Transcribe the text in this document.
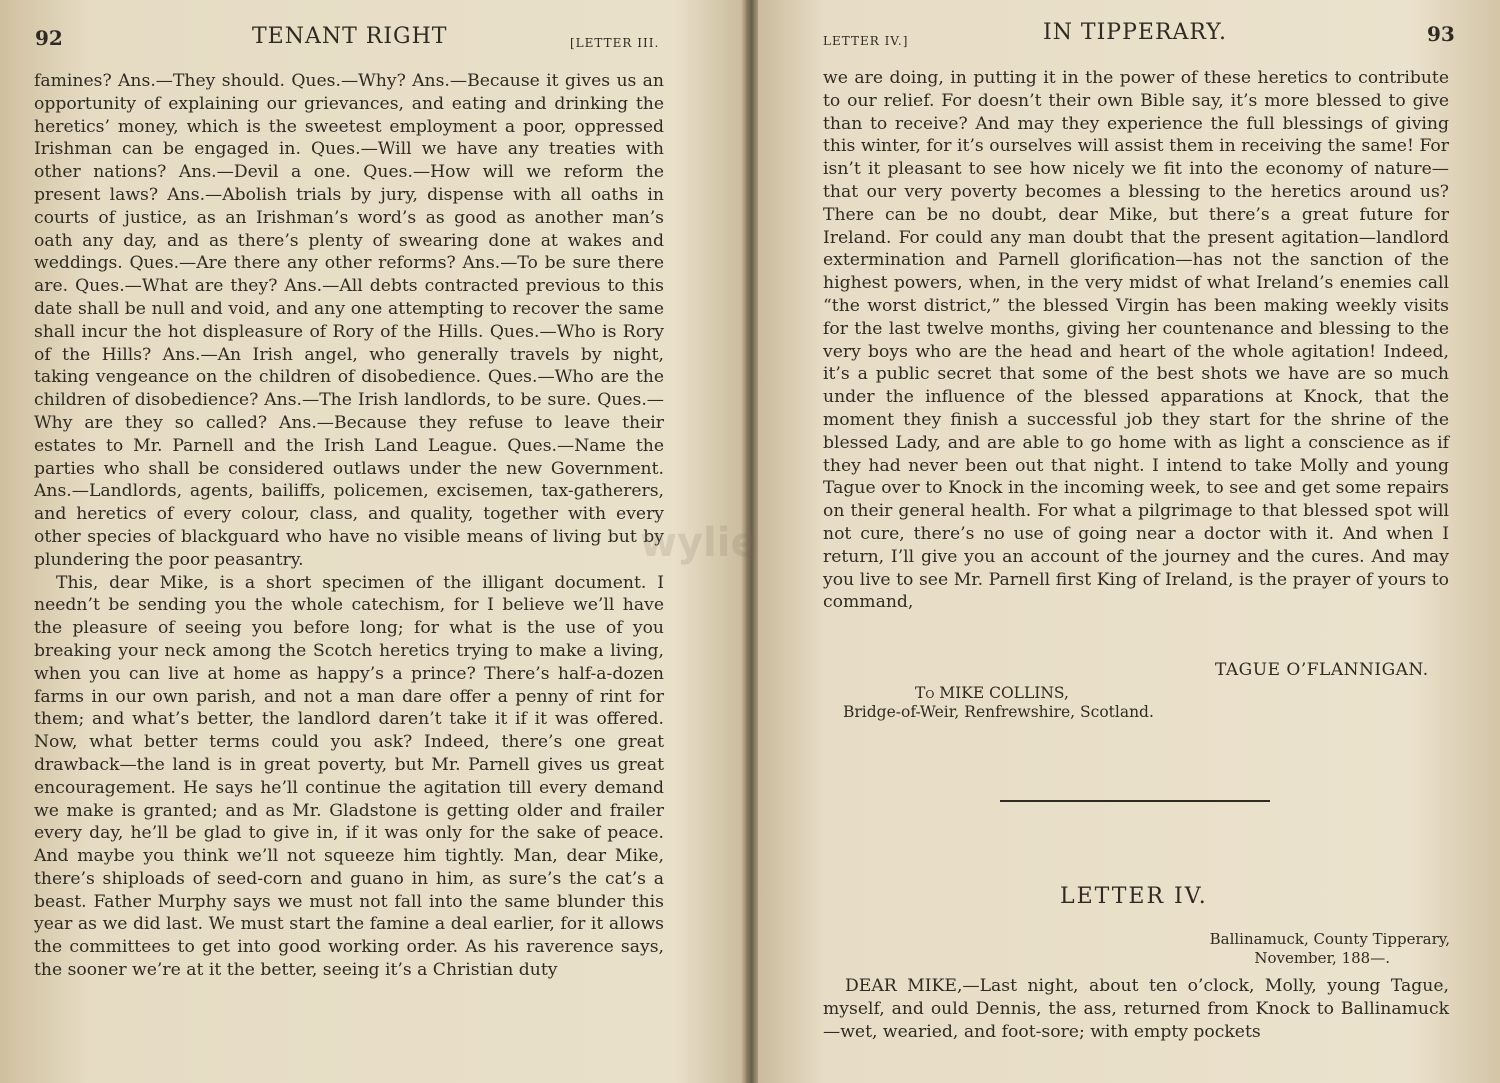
92	TENANT RIGHT	[LETTER III.

famines? Ans.—They should. Ques.—Why? Ans.—Because it gives us an opportunity of explaining our grievances, and eating and drinking the heretics’ money, which is the sweetest employment a poor, oppressed Irishman can be engaged in. Ques.—Will we have any treaties with other nations? Ans.—Devil a one. Ques.—How will we reform the present laws? Ans.—Abolish trials by jury, dispense with all oaths in courts of justice, as an Irishman’s word’s as good as another man’s oath any day, and as there’s plenty of swearing done at wakes and weddings. Ques.—Are there any other reforms? Ans.—To be sure there are. Ques.—What are they? Ans.—All debts contracted previous to this date shall be null and void, and any one attempting to recover the same shall incur the hot displeasure of Rory of the Hills. Ques.—Who is Rory of the Hills? Ans.—An Irish angel, who generally travels by night, taking vengeance on the children of disobedience. Ques.—Who are the children of disobedience? Ans.—The Irish landlords, to be sure. Ques.—Why are they so called? Ans.—Because they refuse to leave their estates to Mr. Parnell and the Irish Land League. Ques.—Name the parties who shall be considered outlaws under the new Government. Ans.—Landlords, agents, bailiffs, policemen, excisemen, tax-gatherers, and heretics of every colour, class, and quality, together with every other species of blackguard who have no visible means of living but by plundering the poor peasantry.

This, dear Mike, is a short specimen of the illigant document. I needn’t be sending you the whole catechism, for I believe we’ll have the pleasure of seeing you before long; for what is the use of you breaking your neck among the Scotch heretics trying to make a living, when you can live at home as happy’s a prince? There’s half-a-dozen farms in our own parish, and not a man dare offer a penny of rint for them; and what’s better, the landlord daren’t take it if it was offered. Now, what better terms could you ask? Indeed, there’s one great drawback—the land is in great poverty, but Mr. Parnell gives us great encouragement. He says he’ll continue the agitation till every demand we make is granted; and as Mr. Gladstone is getting older and frailer every day, he’ll be glad to give in, if it was only for the sake of peace. And maybe you think we’ll not squeeze him tightly. Man, dear Mike, there’s shiploads of seed-corn and guano in him, as sure’s the cat’s a beast. Father Murphy says we must not fall into the same blunder this year as we did last. We must start the famine a deal earlier, for it allows the committees to get into good working order. As his raverence says, the sooner we’re at it the better, seeing it’s a Christian duty

LETTER IV.]	IN TIPPERARY.	93

we are doing, in putting it in the power of these heretics to contribute to our relief. For doesn’t their own Bible say, it’s more blessed to give than to receive? And may they experience the full blessings of giving this winter, for it’s ourselves will assist them in receiving the same! For isn’t it pleasant to see how nicely we fit into the economy of nature—that our very poverty becomes a blessing to the heretics around us? There can be no doubt, dear Mike, but there’s a great future for Ireland. For could any man doubt that the present agitation—landlord extermination and Parnell glorification—has not the sanction of the highest powers, when, in the very midst of what Ireland’s enemies call “the worst district,” the blessed Virgin has been making weekly visits for the last twelve months, giving her countenance and blessing to the very boys who are the head and heart of the whole agitation! Indeed, it’s a public secret that some of the best shots we have are so much under the influence of the blessed apparations at Knock, that the moment they finish a successful job they start for the shrine of the blessed Lady, and are able to go home with as light a conscience as if they had never been out that night. I intend to take Molly and young Tague over to Knock in the incoming week, to see and get some repairs on their general health. For what a pilgrimage to that blessed spot will not cure, there’s no use of going near a doctor with it. And when I return, I’ll give you an account of the journey and the cures. And may you live to see Mr. Parnell first King of Ireland, is the prayer of yours to command,

TAGUE O’FLANNIGAN.
To MIKE COLLINS,
Bridge-of-Weir, Renfrewshire, Scotland.
LETTER IV.
Ballinamuck, County Tipperary,
November, 188—.

DEAR MIKE,—Last night, about ten o’clock, Molly, young Tague, myself, and ould Dennis, the ass, returned from Knock to Ballinamuck—wet, wearied, and foot-sore; with empty pockets

wylie
